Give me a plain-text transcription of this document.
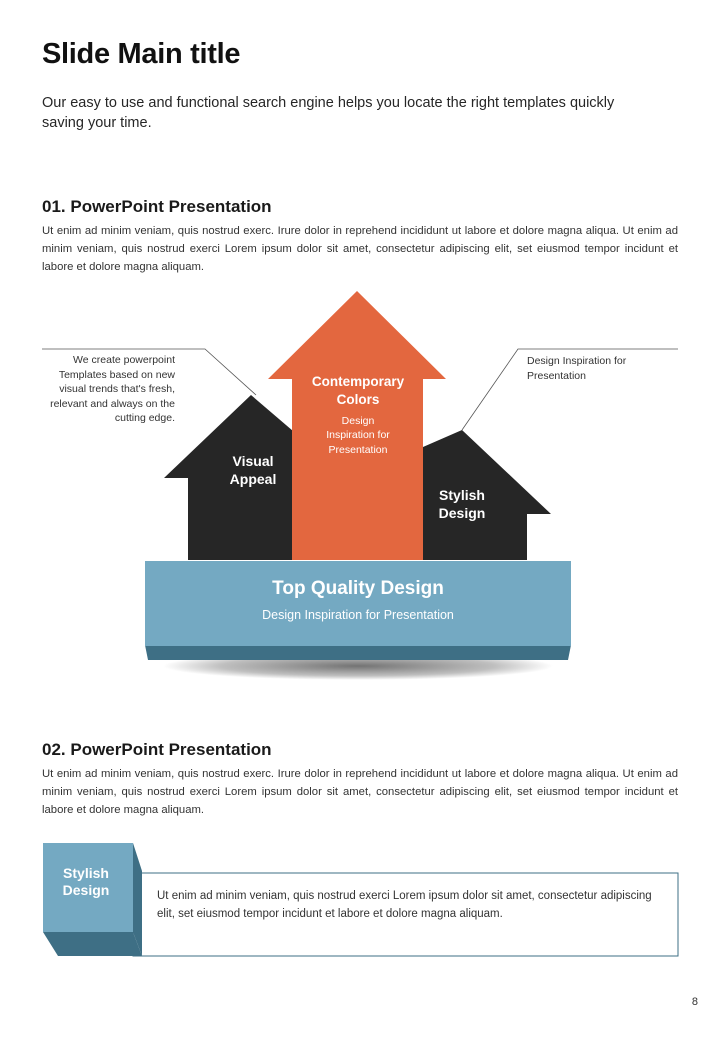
Slide Main title
Our easy to use and functional search engine helps you locate the right templates quickly saving your time.
01. PowerPoint Presentation
Ut enim ad minim veniam, quis nostrud exerc. Irure dolor in reprehend incididunt ut labore et dolore magna aliqua. Ut enim ad minim veniam, quis nostrud exerci Lorem ipsum dolor sit amet, consectetur adipiscing elit, set eiusmod tempor incidunt et labore et dolore magna aliquam.
Visual
Appeal
Contemporary
Colors
Design
Inspiration for
Presentation
Stylish
Design
Top Quality Design
Design Inspiration for Presentation
We create powerpoint Templates based on new visual trends that's fresh, relevant and always on the cutting edge.
Design Inspiration for Presentation
02. PowerPoint Presentation
Ut enim ad minim veniam, quis nostrud exerc. Irure dolor in reprehend incididunt ut labore et dolore magna aliqua. Ut enim ad minim veniam, quis nostrud exerci Lorem ipsum dolor sit amet, consectetur adipiscing elit, set eiusmod tempor incidunt et labore et dolore magna aliquam.
Stylish
Design	Ut enim ad minim veniam, quis nostrud exerci Lorem ipsum dolor sit amet, consectetur adipiscing elit, set eiusmod tempor incidunt et labore et dolore magna aliquam.
8
